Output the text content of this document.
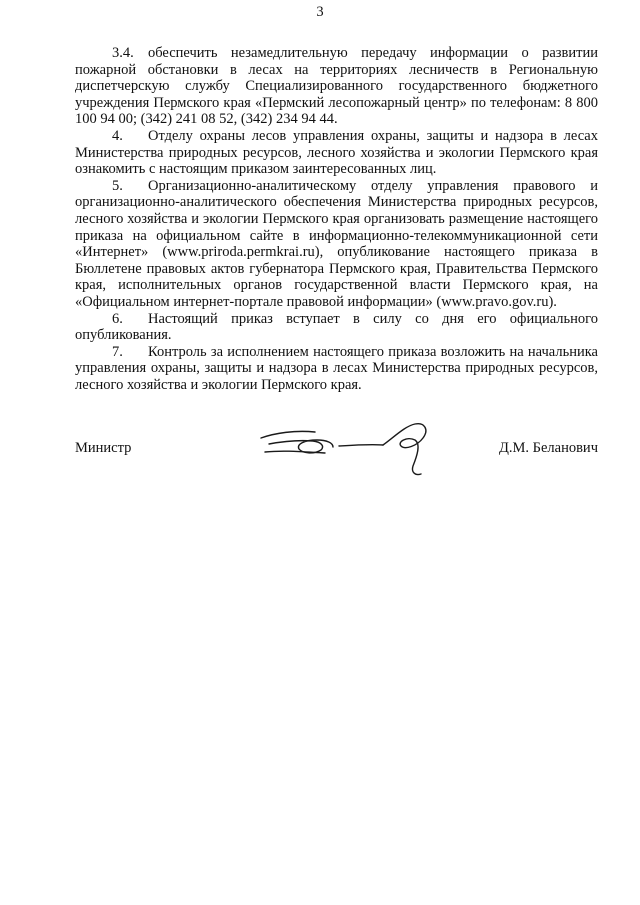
3

3.4. обеспечить незамедлительную передачу информации о развитии пожарной обстановки в лесах на территориях лесничеств в Региональную диспетчерскую службу Специализированного государственного бюджетного учреждения Пермского края «Пермский лесопожарный центр» по телефонам: 8 800 100 94 00; (342) 241 08 52, (342) 234 94 44.

4. Отделу охраны лесов управления охраны, защиты и надзора в лесах Министерства природных ресурсов, лесного хозяйства и экологии Пермского края ознакомить с настоящим приказом заинтересованных лиц.

5. Организационно-аналитическому отделу управления правового и организационно-аналитического обеспечения Министерства природных ресурсов, лесного хозяйства и экологии Пермского края организовать размещение настоящего приказа на официальном сайте в информационно-телекоммуникационной сети «Интернет» (www.priroda.permkrai.ru), опубликование настоящего приказа в Бюллетене правовых актов губернатора Пермского края, Правительства Пермского края, исполнительных органов государственной власти Пермского края, на «Официальном интернет-портале правовой информации» (www.pravo.gov.ru).

6. Настоящий приказ вступает в силу со дня его официального опубликования.

7. Контроль за исполнением настоящего приказа возложить на начальника управления охраны, защиты и надзора в лесах Министерства природных ресурсов, лесного хозяйства и экологии Пермского края.

Министр	Д.М. Беланович
